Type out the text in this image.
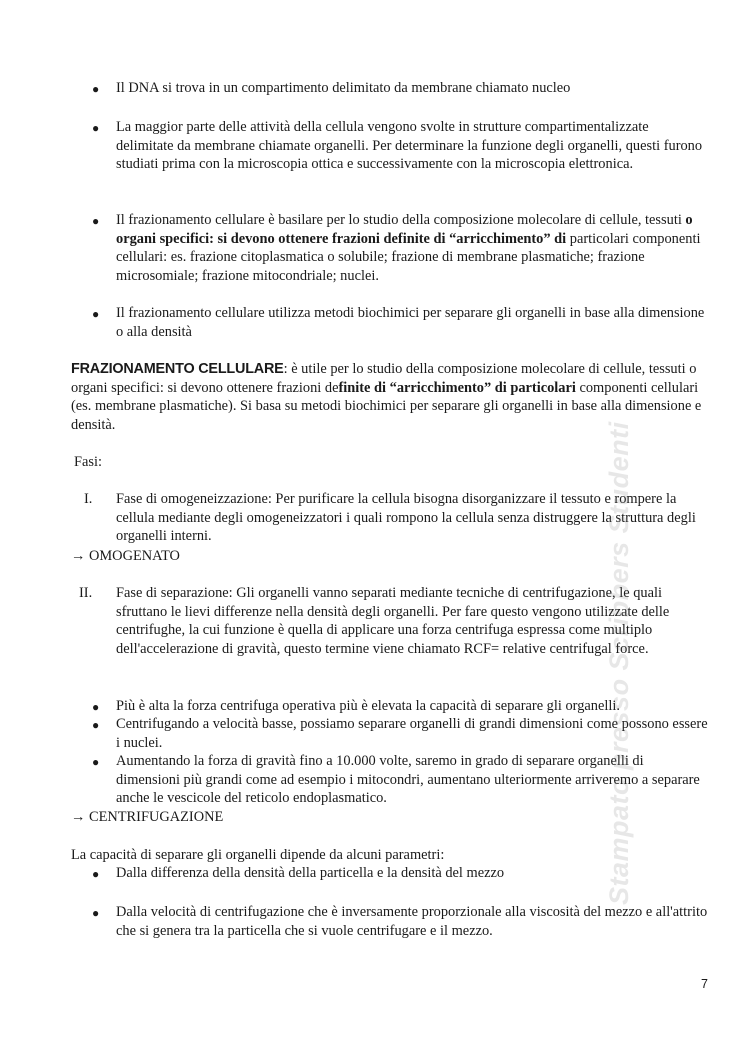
● Il DNA si trova in un compartimento delimitato da membrane chiamato nucleo
● La maggior parte delle attività della cellula vengono svolte in strutture compartimentalizzate delimitate da membrane chiamate organelli. Per determinare la funzione degli organelli, questi furono studiati prima con la microscopia ottica e successivamente con la microscopia elettronica.
● Il frazionamento cellulare è basilare per lo studio della composizione molecolare di cellule, tessuti o organi specifici: si devono ottenere frazioni definite di “arricchimento” di particolari componenti cellulari: es. frazione citoplasmatica o solubile; frazione di membrane plasmatiche; frazione microsomiale; frazione mitocondriale; nuclei.
● Il frazionamento cellulare utilizza metodi biochimici per separare gli organelli in base alla dimensione o alla densità
FRAZIONAMENTO CELLULARE: è utile per lo studio della composizione molecolare di cellule, tessuti o organi specifici: si devono ottenere frazioni definite di “arricchimento” di particolari componenti cellulari (es. membrane plasmatiche). Si basa su metodi biochimici per separare gli organelli in base alla dimensione e densità.
Fasi:
I. Fase di omogeneizzazione: Per purificare la cellula bisogna disorganizzare il tessuto e rompere la cellula mediante degli omogeneizzatori i quali rompono la cellula senza distruggere la struttura degli organelli interni.
→ OMOGENATO
II. Fase di separazione: Gli organelli vanno separati mediante tecniche di centrifugazione, le quali sfruttano le lievi differenze nella densità degli organelli. Per fare questo vengono utilizzate delle centrifughe, la cui funzione è quella di applicare una forza centrifuga espressa come multiplo dell'accelerazione di gravità, questo termine viene chiamato RCF= relative centrifugal force.
● Più è alta la forza centrifuga operativa più è elevata la capacità di separare gli organelli.
● Centrifugando a velocità basse, possiamo separare organelli di grandi dimensioni come possono essere i nuclei.
● Aumentando la forza di gravità fino a 10.000 volte, saremo in grado di separare organelli di dimensioni più grandi come ad esempio i mitocondri, aumentano ulteriormente arriveremo a separare anche le vescicole del reticolo endoplasmatico.
→ CENTRIFUGAZIONE
La capacità di separare gli organelli dipende da alcuni parametri:
● Dalla differenza della densità della particella e la densità del mezzo
● Dalla velocità di centrifugazione che è inversamente proporzionale alla viscosità del mezzo e all'attrito che si genera tra la particella che si vuole centrifugare e il mezzo.
7
Stampato presso Scribbers Studenti
